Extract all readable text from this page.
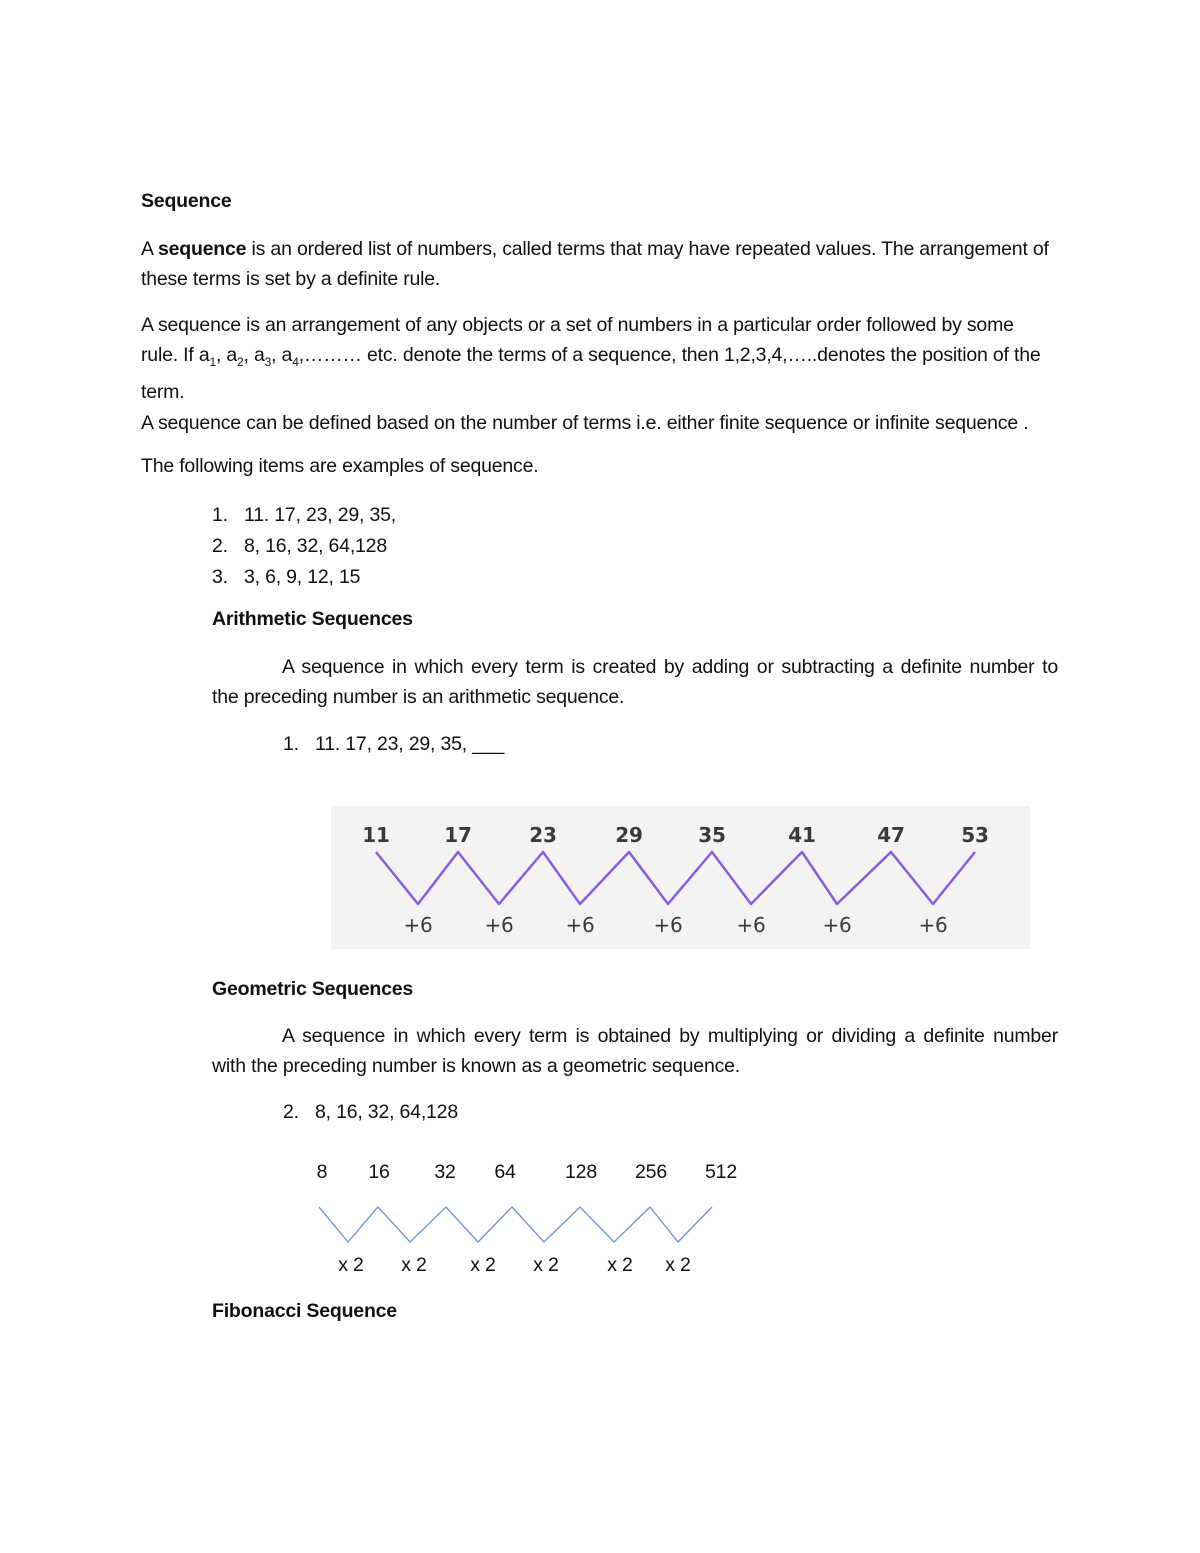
Sequence
A sequence is an ordered list of numbers, called terms that may have repeated values. The arrangement of
these terms is set by a definite rule.
A sequence is an arrangement of any objects or a set of numbers in a particular order followed by some
rule. If $a_1$, $a_2$, $a_3$, $a_4,\dots\dots\dots$ etc. denote the terms of a sequence, then 1,2,3,4,…..denotes the position of the
term.
A sequence can be defined based on the number of terms i.e. either finite sequence or infinite sequence .
The following items are examples of sequence.
1. 11. 17, 23, 29, 35,
2. 8, 16, 32, 64,128
3. 3, 6, 9, 12, 15
Arithmetic Sequences
A sequence in which every term is created by adding or subtracting a definite number to
the preceding number is an arithmetic sequence.
1. 11. 17, 23, 29, 35, ___
11	17	23	29	35	41	47	53
+6	+6	+6	+6	+6	+6	+6
Geometric Sequences
A sequence in which every term is obtained by multiplying or dividing a definite number
with the preceding number is known as a geometric sequence.
2. 8, 16, 32, 64,128
8 16 32 64	128 256 512
x 2 x 2 x 2 x 2 x 2 x 2
Fibonacci Sequence
